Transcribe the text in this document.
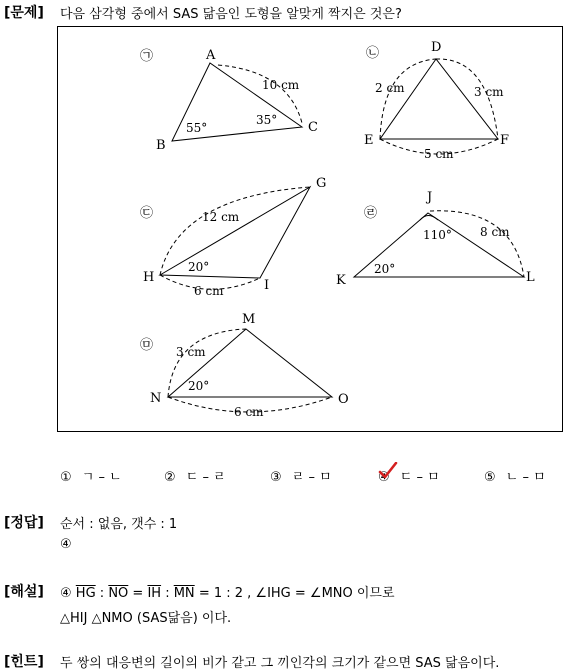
[문제] 다음 삼각형 중에서 SAS 닮음인 도형을 알맞게 짝지은 것은?
㉠	㉡
㉢	㉣
㉤
A
B
C
D
E	F
G
H
I
J
K	L
M
N	O
10 cm
55°
35°
2 cm	3 cm
5 cm
12 cm
20°
6 cm
110° 8 cm
20°
3 cm
20°
6 cm
① ㄱ – ㄴ	② ㄷ – ㄹ	③ ㄹ – ㅁ	④ ㄷ – ㅁ	⑤ ㄴ – ㅁ
[정답] 순서 : 없음, 갯수 : 1
④
[해설] ④ $\overline{HG}$ : $\overline{NO} = \overline{IH}$ : $\overline{MN} = 1$ : 2 , ∠IHG = ∠MNO 이므로
△HIJ △NMO (SAS닮음) 이다.
[힌트] 두 쌍의 대응변의 길이의 비가 같고 그 끼인각의 크기가 같으면 SAS 닮음이다.
